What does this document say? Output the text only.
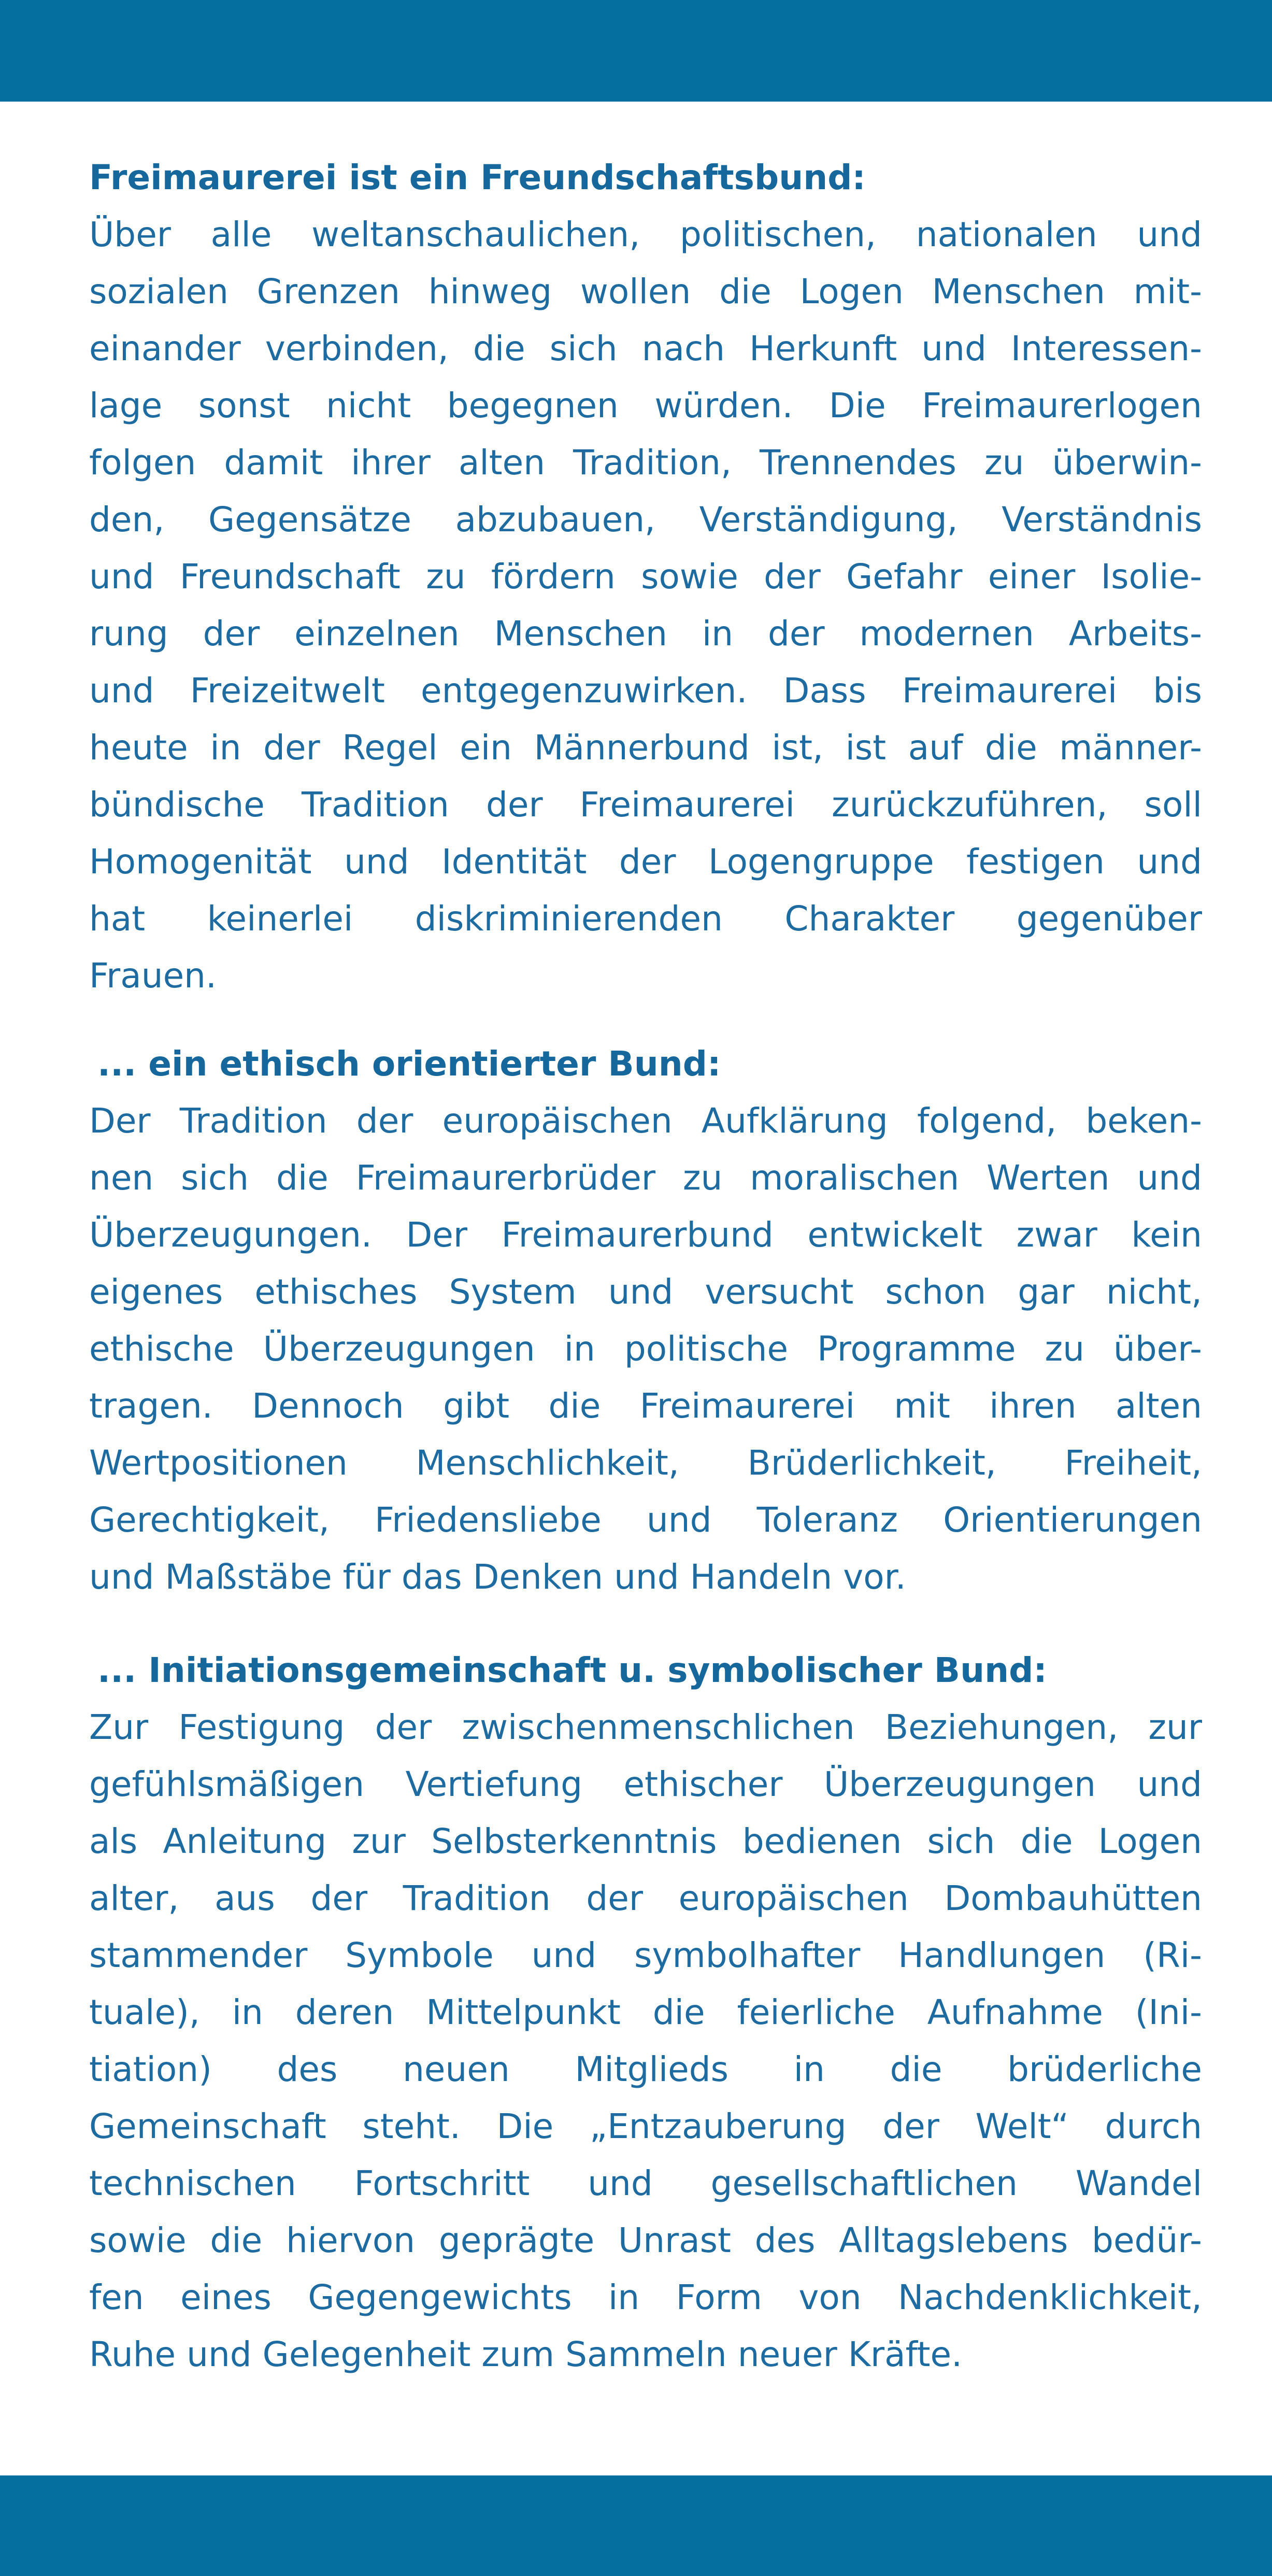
Freimaurerei ist ein Freundschaftsbund:
Über alle weltanschaulichen, politischen, nationalen und
sozialen Grenzen hinweg wollen die Logen Menschen mit-
einander verbinden, die sich nach Herkunft und Interessen-
lage sonst nicht begegnen würden. Die Freimaurerlogen
folgen damit ihrer alten Tradition, Trennendes zu überwin-
den, Gegensätze abzubauen, Verständigung, Verständnis
und Freundschaft zu fördern sowie der Gefahr einer Isolie-
rung der einzelnen Menschen in der modernen Arbeits-
und Freizeitwelt entgegenzuwirken. Dass Freimaurerei bis
heute in der Regel ein Männerbund ist, ist auf die männer-
bündische Tradition der Freimaurerei zurückzuführen, soll
Homogenität und Identität der Logengruppe festigen und
hat keinerlei diskriminierenden Charakter gegenüber
Frauen.
... ein ethisch orientierter Bund:
Der Tradition der europäischen Aufklärung folgend, beken-
nen sich die Freimaurerbrüder zu moralischen Werten und
Überzeugungen. Der Freimaurerbund entwickelt zwar kein
eigenes ethisches System und versucht schon gar nicht,
ethische Überzeugungen in politische Programme zu über-
tragen. Dennoch gibt die Freimaurerei mit ihren alten
Wertpositionen Menschlichkeit, Brüderlichkeit, Freiheit,
Gerechtigkeit, Friedensliebe und Toleranz Orientierungen
und Maßstäbe für das Denken und Handeln vor.
... Initiationsgemeinschaft u. symbolischer Bund:
Zur Festigung der zwischenmenschlichen Beziehungen, zur
gefühlsmäßigen Vertiefung ethischer Überzeugungen und
als Anleitung zur Selbsterkenntnis bedienen sich die Logen
alter, aus der Tradition der europäischen Dombauhütten
stammender Symbole und symbolhafter Handlungen (Ri-
tuale), in deren Mittelpunkt die feierliche Aufnahme (Ini-
tiation) des neuen Mitglieds in die brüderliche
Gemeinschaft steht. Die „Entzauberung der Welt“ durch
technischen Fortschritt und gesellschaftlichen Wandel
sowie die hiervon geprägte Unrast des Alltagslebens bedür-
fen eines Gegengewichts in Form von Nachdenklichkeit,
Ruhe und Gelegenheit zum Sammeln neuer Kräfte.
